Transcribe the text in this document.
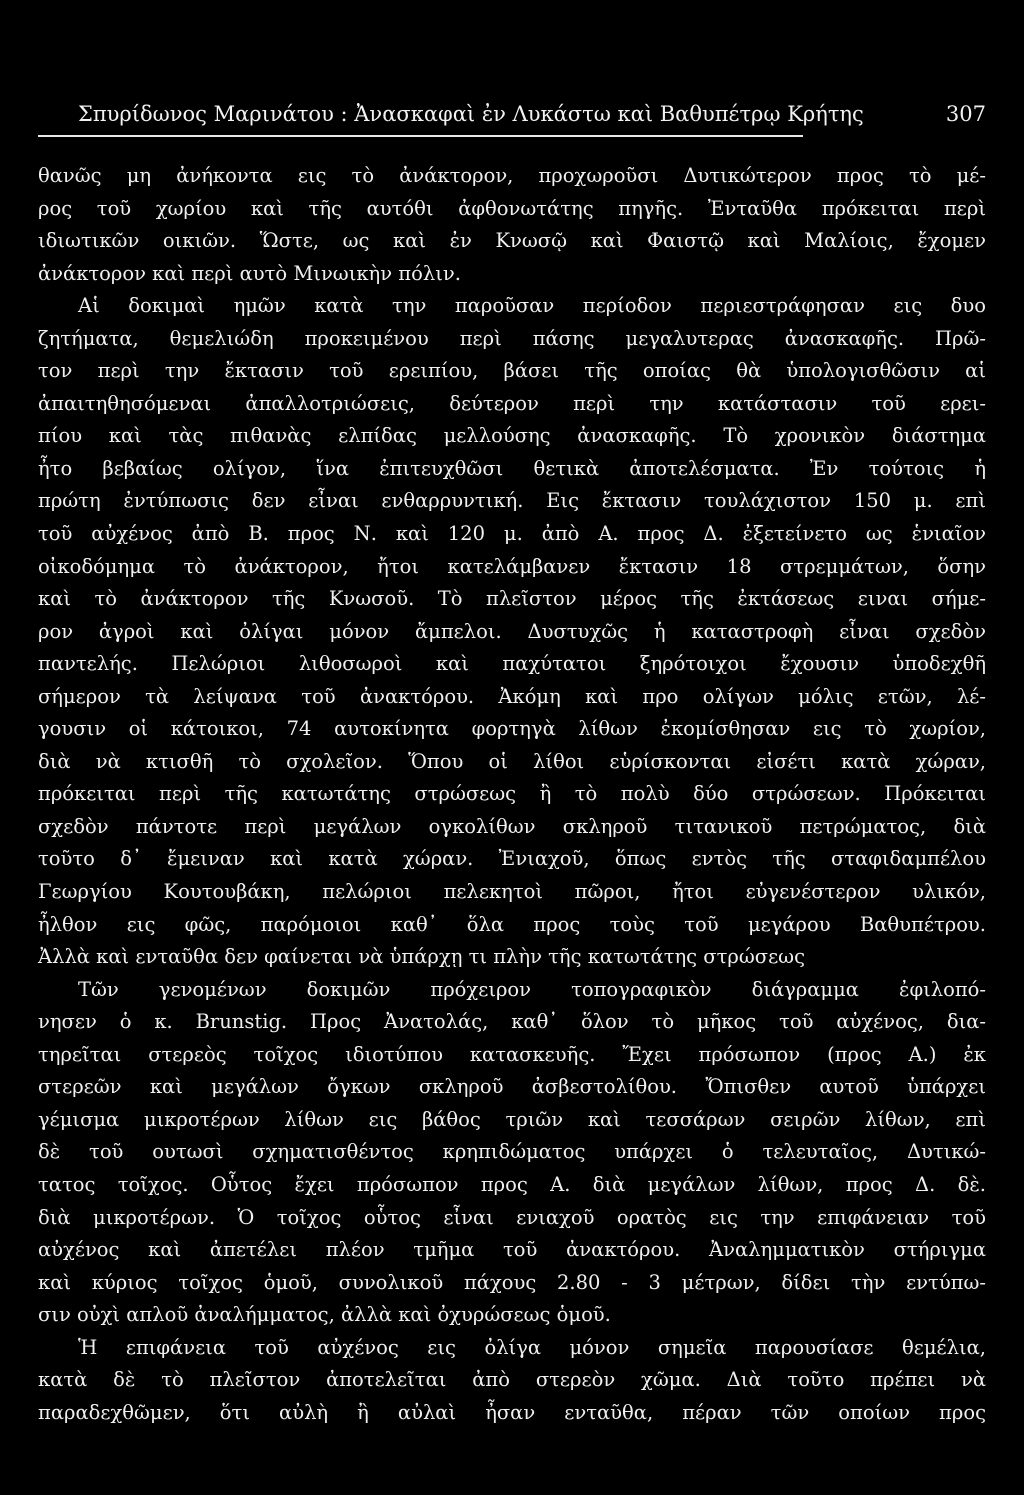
Σπυρίδωνος Μαρινάτου : Ἀνασκαφαὶ ἐν Λυκάστω καὶ Βαθυπέτρῳ Κρήτης	307
θανῶς μη ἀνήκοντα εις τὸ ἀνάκτορον, προχωροῦσι Δυτικώτερον προς τὸ μέ-
ρος τοῦ χωρίου καὶ τῆς αυτόθι ἀφθονωτάτης πηγῆς. Ἐνταῦθα πρόκειται περὶ
ιδιωτικῶν οικιῶν. Ὥστε, ως καὶ ἐν Κνωσῷ καὶ Φαιστῷ καὶ Μαλίοις, ἔχομεν
ἀνάκτορον καὶ περὶ αυτὸ Μινωικὴν πόλιν.
Αἱ δοκιμαὶ ημῶν κατὰ την παροῦσαν περίοδον περιεστράφησαν εις δυο
ζητήματα, θεμελιώδη προκειμένου περὶ πάσης μεγαλυτερας ἀνασκαφῆς. Πρῶ-
τον περὶ την ἔκτασιν τοῦ ερειπίου, βάσει τῆς οποίας θὰ ὑπολογισθῶσιν αἱ
ἀπαιτηθησόμεναι ἀπαλλοτριώσεις, δεύτερον περὶ την κατάστασιν τοῦ ερει-
πίου καὶ τὰς πιθανὰς ελπίδας μελλούσης ἀνασκαφῆς. Τὸ χρονικὸν διάστημα
ἦτο βεβαίως ολίγον, ἵνα ἐπιτευχθῶσι θετικὰ ἀποτελέσματα. Ἐν τούτοις ἡ
πρώτη ἐντύπωσις δεν εἶναι ενθαρρυντική. Εις ἔκτασιν τουλάχιστον 150 μ. επὶ
τοῦ αὐχένος ἀπὸ Β. προς Ν. καὶ 120 μ. ἀπὸ Α. προς Δ. ἐξετείνετο ως ἑνιαῖον
οἰκοδόμημα τὸ ἀνάκτορον, ἤτοι κατελάμβανεν ἔκτασιν 18 στρεμμάτων, ὅσην
καὶ τὸ ἀνάκτορον τῆς Κνωσοῦ. Τὸ πλεῖστον μέρος τῆς ἐκτάσεως ειναι σήμε-
ρον ἀγροὶ καὶ ὀλίγαι μόνον ἄμπελοι. Δυστυχῶς ἡ καταστροφὴ εἶναι σχεδὸν
παντελής. Πελώριοι λιθοσωροὶ καὶ παχύτατοι ξηρότοιχοι ἔχουσιν ὑποδεχθῆ
σήμερον τὰ λείψανα τοῦ ἀνακτόρου. Ἀκόμη καὶ προ ολίγων μόλις ετῶν, λέ-
γουσιν οἱ κάτοικοι, 74 αυτοκίνητα φορτηγὰ λίθων ἐκομίσθησαν εις τὸ χωρίον,
διὰ νὰ κτισθῆ τὸ σχολεῖον. Ὅπου οἱ λίθοι εὑρίσκονται εἰσέτι κατὰ χώραν,
πρόκειται περὶ τῆς κατωτάτης στρώσεως ἢ τὸ πολὺ δύο στρώσεων. Πρόκειται
σχεδὸν πάντοτε περὶ μεγάλων ογκολίθων σκληροῦ τιτανικοῦ πετρώματος, διὰ
τοῦτο δ᾽ ἔμειναν καὶ κατὰ χώραν. Ἐνιαχοῦ, ὅπως εντὸς τῆς σταφιδαμπέλου
Γεωργίου Κουτουβάκη, πελώριοι πελεκητοὶ πῶροι, ἤτοι εὐγενέστερον υλικόν,
ἦλθον εις φῶς, παρόμοιοι καθ᾽ ὅλα προς τοὺς τοῦ μεγάρου Βαθυπέτρου.
Ἀλλὰ καὶ ενταῦθα δεν φαίνεται νὰ ὑπάρχῃ τι πλὴν τῆς κατωτάτης στρώσεως
Τῶν γενομένων δοκιμῶν πρόχειρον τοπογραφικὸν διάγραμμα ἐφιλοπό-
νησεν ὁ κ. Brunstig. Προς Ἀνατολάς, καθ᾽ ὅλον τὸ μῆκος τοῦ αὐχένος, δια-
τηρεῖται στερεὸς τοῖχος ιδιοτύπου κατασκευῆς. Ἔχει πρόσωπον (προς Α.) ἐκ
στερεῶν καὶ μεγάλων ὄγκων σκληροῦ ἀσβεστολίθου. Ὄπισθεν αυτοῦ ὑπάρχει
γέμισμα μικροτέρων λίθων εις βάθος τριῶν καὶ τεσσάρων σειρῶν λίθων, επὶ
δὲ τοῦ ουτωσὶ σχηματισθέντος κρηπιδώματος υπάρχει ὁ τελευταῖος, Δυτικώ-
τατος τοῖχος. Οὗτος ἔχει πρόσωπον προς Α. διὰ μεγάλων λίθων, προς Δ. δὲ.
διὰ μικροτέρων. Ὁ τοῖχος οὗτος εἶναι ενιαχοῦ ορατὸς εις την επιφάνειαν τοῦ
αὐχένος καὶ ἀπετέλει πλέον τμῆμα τοῦ ἀνακτόρου. Ἀναλημματικὸν στήριγμα
καὶ κύριος τοῖχος ὁμοῦ, συνολικοῦ πάχους 2.80 - 3 μέτρων, δίδει τὴν εντύπω-
σιν οὐχὶ απλοῦ ἀναλήμματος, ἀλλὰ καὶ ὀχυρώσεως ὁμοῦ.
Ἡ επιφάνεια τοῦ αὐχένος εις ὀλίγα μόνον σημεῖα παρουσίασε θεμέλια,
κατὰ δὲ τὸ πλεῖστον ἀποτελεῖται ἀπὸ στερεὸν χῶμα. Διὰ τοῦτο πρέπει νὰ
παραδεχθῶμεν, ὅτι αὐλὴ ἢ αὐλαὶ ἦσαν ενταῦθα, πέραν τῶν οποίων προς
